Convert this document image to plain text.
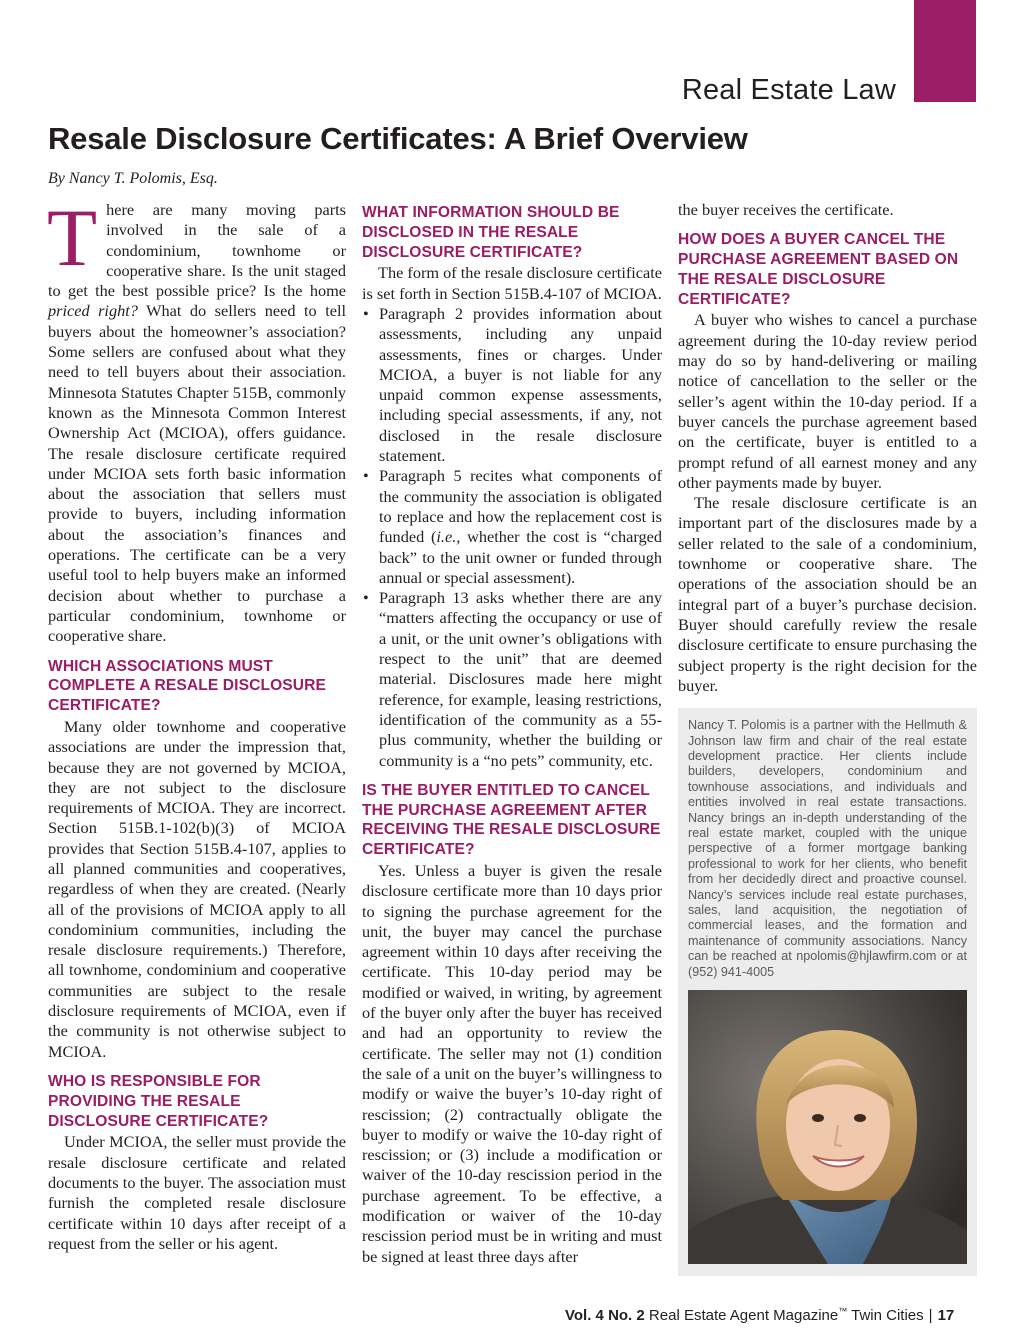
Real Estate Law
Resale Disclosure Certificates: A Brief Overview
By Nancy T. Polomis, Esq.

There are many moving parts involved in the sale of a condominium, townhome or cooperative share. Is the unit staged to get the best possible price? Is the home priced right? What do sellers need to tell buyers about the homeowner’s association? Some sellers are confused about what they need to tell buyers about their association. Minnesota Statutes Chapter 515B, commonly known as the Minnesota Common Interest Ownership Act (MCIOA), offers guidance. The resale disclosure certificate required under MCIOA sets forth basic information about the association that sellers must provide to buyers, including information about the association’s finances and operations. The certificate can be a very useful tool to help buyers make an informed decision about whether to purchase a particular condominium, townhome or cooperative share.

WHICH ASSOCIATIONS MUST COMPLETE A RESALE DISCLOSURE CERTIFICATE?

Many older townhome and cooperative associations are under the impression that, because they are not governed by MCIOA, they are not subject to the disclosure requirements of MCIOA. They are incorrect. Section 515B.1-102(b)(3) of MCIOA provides that Section 515B.4-107, applies to all planned communities and cooperatives, regardless of when they are created. (Nearly all of the provisions of MCIOA apply to all condominium communities, including the resale disclosure requirements.) Therefore, all townhome, condominium and cooperative communities are subject to the resale disclosure requirements of MCIOA, even if the community is not otherwise subject to MCIOA.

WHO IS RESPONSIBLE FOR PROVIDING THE RESALE DISCLOSURE CERTIFICATE?

Under MCIOA, the seller must provide the resale disclosure certificate and related documents to the buyer. The association must furnish the completed resale disclosure certificate within 10 days after receipt of a request from the seller or his agent.

WHAT INFORMATION SHOULD BE DISCLOSED IN THE RESALE DISCLOSURE CERTIFICATE?

The form of the resale disclosure certificate is set forth in Section 515B.4-107 of MCIOA.

• Paragraph 2 provides information about assessments, including any unpaid assessments, fines or charges. Under MCIOA, a buyer is not liable for any unpaid common expense assessments, including special assessments, if any, not disclosed in the resale disclosure statement.
• Paragraph 5 recites what components of the community the association is obligated to replace and how the replacement cost is funded (i.e., whether the cost is “charged back” to the unit owner or funded through annual or special assessment).
• Paragraph 13 asks whether there are any “matters affecting the occupancy or use of a unit, or the unit owner’s obligations with respect to the unit” that are deemed material. Disclosures made here might reference, for example, leasing restrictions, identification of the community as a 55-plus community, whether the building or community is a “no pets” community, etc.
IS THE BUYER ENTITLED TO CANCEL THE PURCHASE AGREEMENT AFTER RECEIVING THE RESALE DISCLOSURE CERTIFICATE?

Yes. Unless a buyer is given the resale disclosure certificate more than 10 days prior to signing the purchase agreement for the unit, the buyer may cancel the purchase agreement within 10 days after receiving the certificate. This 10-day period may be modified or waived, in writing, by agreement of the buyer only after the buyer has received and had an opportunity to review the certificate. The seller may not (1) condition the sale of a unit on the buyer’s willingness to modify or waive the buyer’s 10-day right of rescission; (2) contractually obligate the buyer to modify or waive the 10-day right of rescission; or (3) include a modification or waiver of the 10-day rescission period in the purchase agreement. To be effective, a modification or waiver of the 10-day rescission period must be in writing and must be signed at least three days after

the buyer receives the certificate.

HOW DOES A BUYER CANCEL THE PURCHASE AGREEMENT BASED ON THE RESALE DISCLOSURE CERTIFICATE?

A buyer who wishes to cancel a purchase agreement during the 10-day review period may do so by hand-delivering or mailing notice of cancellation to the seller or the seller’s agent within the 10-day period. If a buyer cancels the purchase agreement based on the certificate, buyer is entitled to a prompt refund of all earnest money and any other payments made by buyer.

The resale disclosure certificate is an important part of the disclosures made by a seller related to the sale of a condominium, townhome or cooperative share. The operations of the association should be an integral part of a buyer’s purchase decision. Buyer should carefully review the resale disclosure certificate to ensure purchasing the subject property is the right decision for the buyer.

Nancy T. Polomis is a partner with the Hellmuth & Johnson law firm and chair of the real estate development practice. Her clients include builders, developers, condominium and townhouse associations, and individuals and entities involved in real estate transactions. Nancy brings an in-depth understanding of the real estate market, coupled with the unique perspective of a former mortgage banking professional to work for her clients, who benefit from her decidedly direct and proactive counsel. Nancy’s services include real estate purchases, sales, land acquisition, the negotiation of commercial leases, and the formation and maintenance of community associations. Nancy can be reached at npolomis@hjlawfirm.com or at (952) 941-4005

Vol. 4 No. 2 Real Estate Agent Magazine™ Twin Cities | 17
